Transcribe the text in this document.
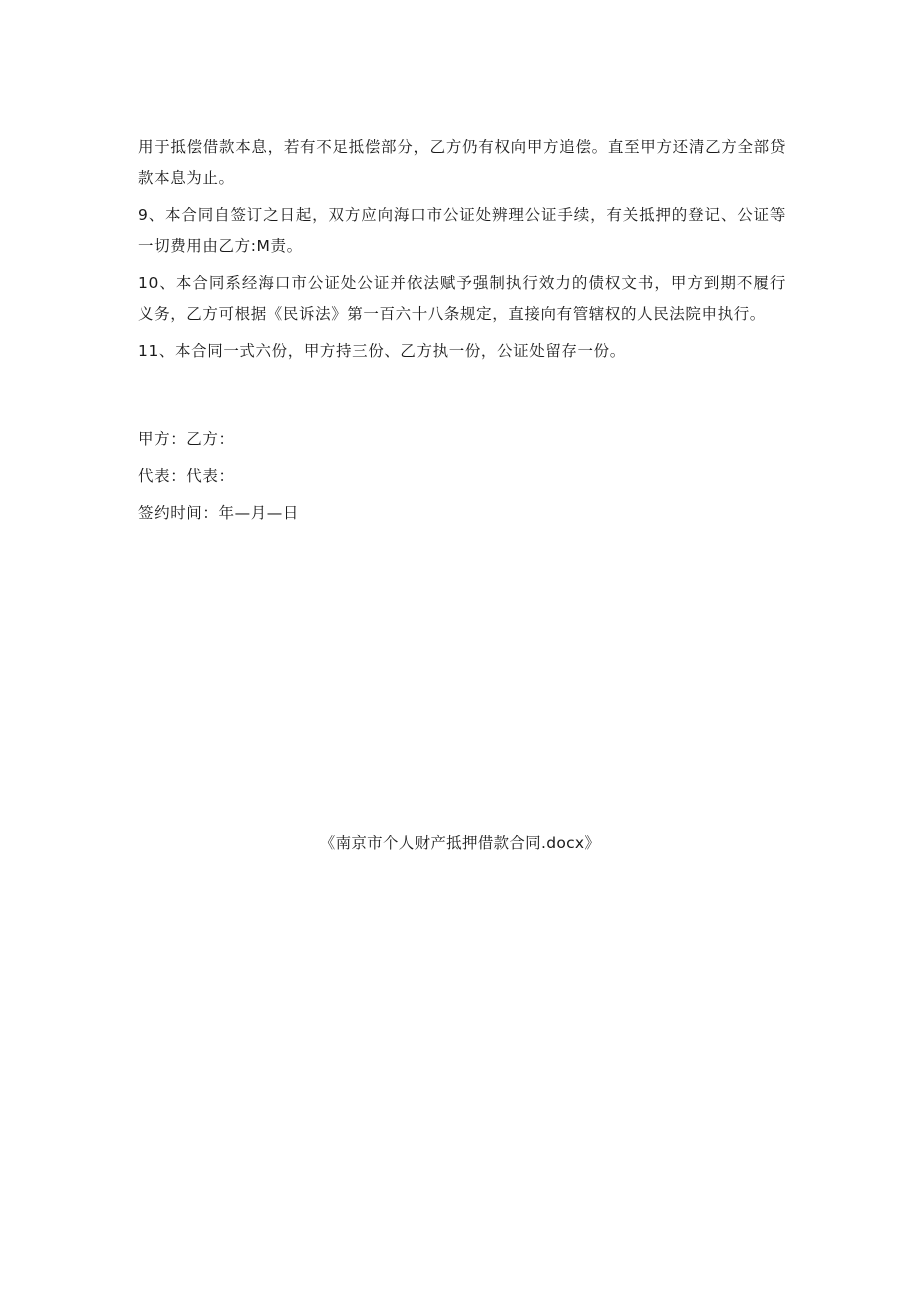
用于抵偿借款本息，若有不足抵偿部分，乙方仍有权向甲方追偿。直至甲方还清乙方全部贷款本息为止。

9、本合同自签订之日起，双方应向海口市公证处辨理公证手续，有关抵押的登记、公证等一切费用由乙方:M责。

10、本合同系经海口市公证处公证并依法赋予强制执行效力的债权文书，甲方到期不履行义务，乙方可根据《民诉法》第一百六十八条规定，直接向有管辖权的人民法院申执行。

11、本合同一式六份，甲方持三份、乙方执一份，公证处留存一份。

甲方：乙方：

代表：代表：

签约时间：年—月—日

《南京市个人财产抵押借款合同.docx》
